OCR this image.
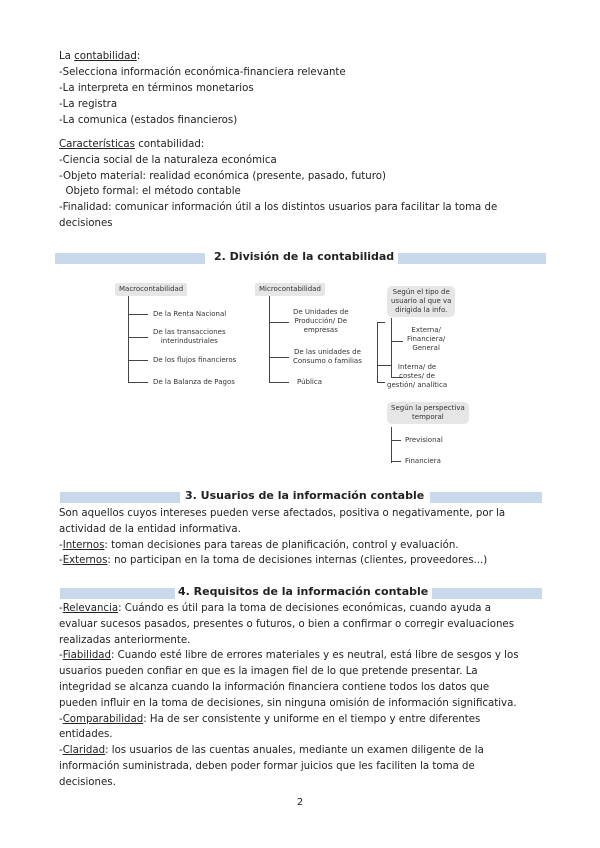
La contabilidad:
-Selecciona información económica-financiera relevante
-La interpreta en términos monetarios
-La registra
-La comunica (estados financieros)
Características contabilidad:
-Ciencia social de la naturaleza económica
-Objeto material: realidad económica (presente, pasado, futuro)
Objeto formal: el método contable
-Finalidad: comunicar información útil a los distintos usuarios para facilitar la toma de
decisiones
2. División de la contabilidad
Macrocontabilidad
De la Renta Nacional
De las transacciones
interindustriales
De los flujos financieros
De la Balanza de Pagos
Microcontabilidad
De Unidades de
Producción/ De
empresas
De las unidades de
Consumo o familias
Pública
Según el tipo de
usuario al que va
dirigida la info.
Externa/
Financiera/
General
Interna/ de
costes/ de
gestión/ analítica
Según la perspectiva
temporal
Previsional
Financiera
3. Usuarios de la información contable

Son aquellos cuyos intereses pueden verse afectados, positiva o negativamente, por la actividad de la entidad informativa.

-Internos: toman decisiones para tareas de planificación, control y evaluación.

-Externos: no participan en la toma de decisiones internas (clientes, proveedores...)

4. Requisitos de la información contable

-Relevancia: Cuándo es útil para la toma de decisiones económicas, cuando ayuda a evaluar sucesos pasados, presentes o futuros, o bien a confirmar o corregir evaluaciones realizadas anteriormente.

-Fiabilidad: Cuando esté libre de errores materiales y es neutral, está libre de sesgos y los usuarios pueden confiar en que es la imagen fiel de lo que pretende presentar. La integridad se alcanza cuando la información financiera contiene todos los datos que pueden influir en la toma de decisiones, sin ninguna omisión de información significativa.

-Comparabilidad: Ha de ser consistente y uniforme en el tiempo y entre diferentes entidades.

-Claridad: los usuarios de las cuentas anuales, mediante un examen diligente de la información suministrada, deben poder formar juicios que les faciliten la toma de decisiones.

2
